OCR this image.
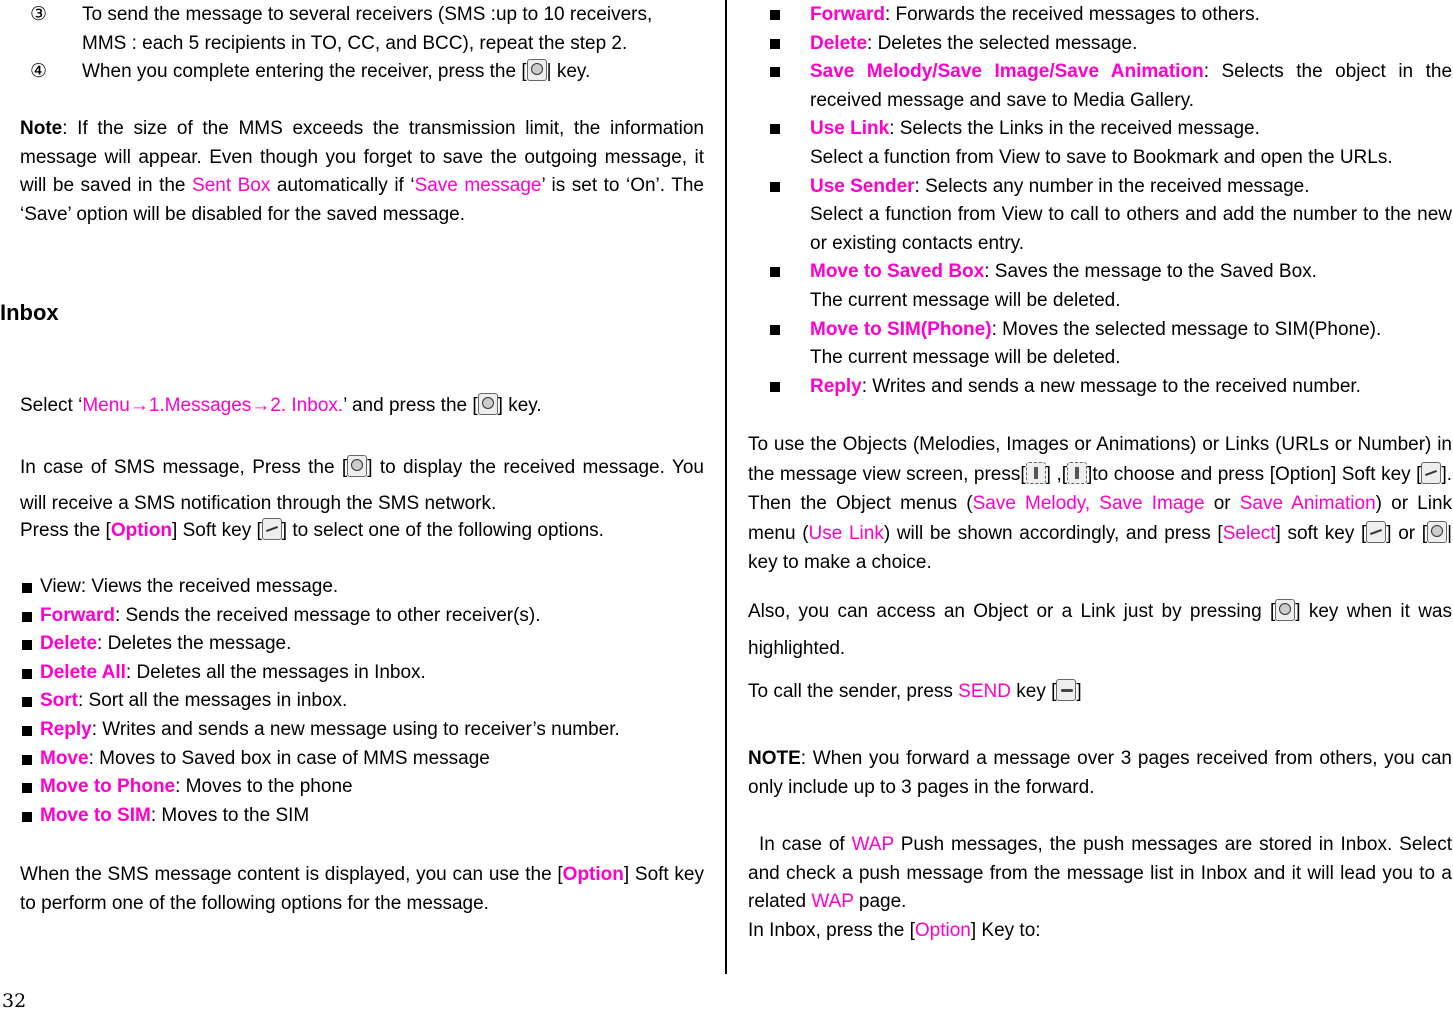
③ To send the message to several receivers (SMS :up to 10 receivers,
MMS : each 5 recipients in TO, CC, and BCC), repeat the step 2.
④ When you complete entering the receiver, press the [ | key.
Note: If the size of the MMS exceeds the transmission limit, the information message will appear. Even though you forget to save the outgoing message, it will be saved in the Sent Box automatically if ‘Save message’ is set to ‘On’. The ‘Save’ option will be disabled for the saved message.
Select ‘Menu→1.Messages→2. Inbox.’ and press the [ ] key.
In case of SMS message, Press the [ ] to display the received message. You will receive a SMS notification through the SMS network.
Press the [Option] Soft key [ ] to select one of the following options.
View: Views the received message.
Forward: Sends the received message to other receiver(s).
Delete: Deletes the message.
Delete All: Deletes all the messages in Inbox.
Sort: Sort all the messages in inbox.
Reply: Writes and sends a new message using to receiver’s number.
Move: Moves to Saved box in case of MMS message
Move to Phone: Moves to the phone
Move to SIM: Moves to the SIM
When the SMS message content is displayed, you can use the [Option] Soft key to perform one of the following options for the message.
Inbox
Forward: Forwards the received messages to others.
Delete: Deletes the selected message.
Save Melody/Save Image/Save Animation: Selects the object in the received message and save to Media Gallery.
Use Link: Selects the Links in the received message.
Select a function from View to save to Bookmark and open the URLs.
Use Sender: Selects any number in the received message.
Select a function from View to call to others and add the number to the new or existing contacts entry.
Move to Saved Box: Saves the message to the Saved Box.
The current message will be deleted.
Move to SIM(Phone): Moves the selected message to SIM(Phone).
The current message will be deleted.
Reply: Writes and sends a new message to the received number.
To use the Objects (Melodies, Images or Animations) or Links (URLs or Number) in the message view screen, press[ ] ,[ ]to choose and press [Option] Soft key [ ]. Then the Object menus (Save Melody, Save Image or Save Animation) or Link menu (Use Link) will be shown accordingly, and press [Select] soft key [ ] or [ | key to make a choice.
Also, you can access an Object or a Link just by pressing [ ] key when it was highlighted.
To call the sender, press SEND key [ ]
NOTE: When you forward a message over 3 pages received from others, you can only include up to 3 pages in the forward.
In case of WAP Push messages, the push messages are stored in Inbox. Select and check a push message from the message list in Inbox and it will lead you to a related WAP page.
In Inbox, press the [Option] Key to:
32
